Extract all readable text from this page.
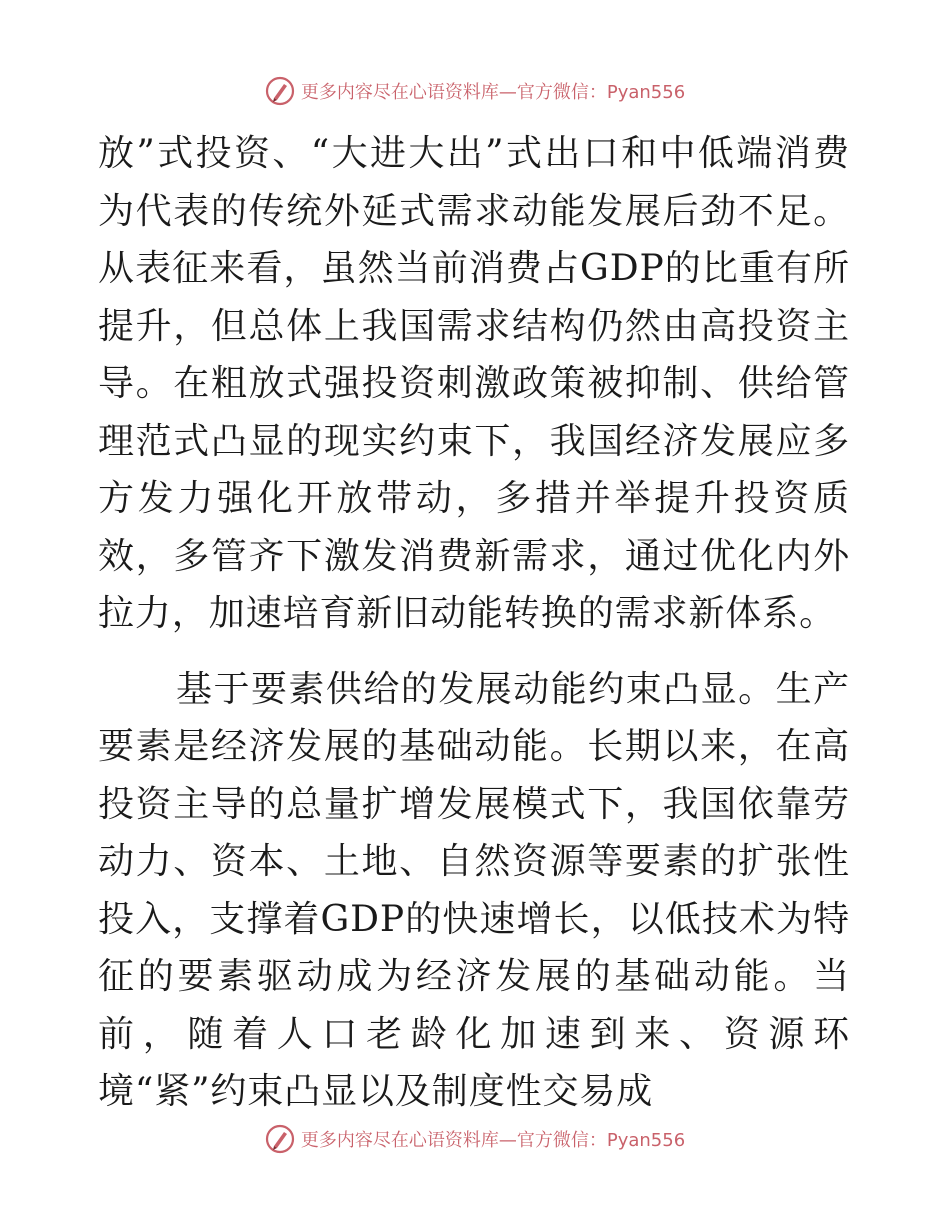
更多内容尽在心语资料库—官方微信：Pyan556

放”式投资、“大进大出”式出口和中低端消费为代表的传统外延式需求动能发展后劲不足。从表征来看，虽然当前消费占GDP的比重有所提升，但总体上我国需求结构仍然由高投资主导。在粗放式强投资刺激政策被抑制、供给管理范式凸显的现实约束下，我国经济发展应多方发力强化开放带动，多措并举提升投资质效，多管齐下激发消费新需求，通过优化内外拉力，加速培育新旧动能转换的需求新体系。

基于要素供给的发展动能约束凸显。生产要素是经济发展的基础动能。长期以来，在高投资主导的总量扩增发展模式下，我国依靠劳动力、资本、土地、自然资源等要素的扩张性投入，支撑着GDP的快速增长，以低技术为特征的要素驱动成为经济发展的基础动能。当前，随着人口老龄化加速到来、资源环境“紧”约束凸显以及制度性交易成

更多内容尽在心语资料库—官方微信：Pyan556
